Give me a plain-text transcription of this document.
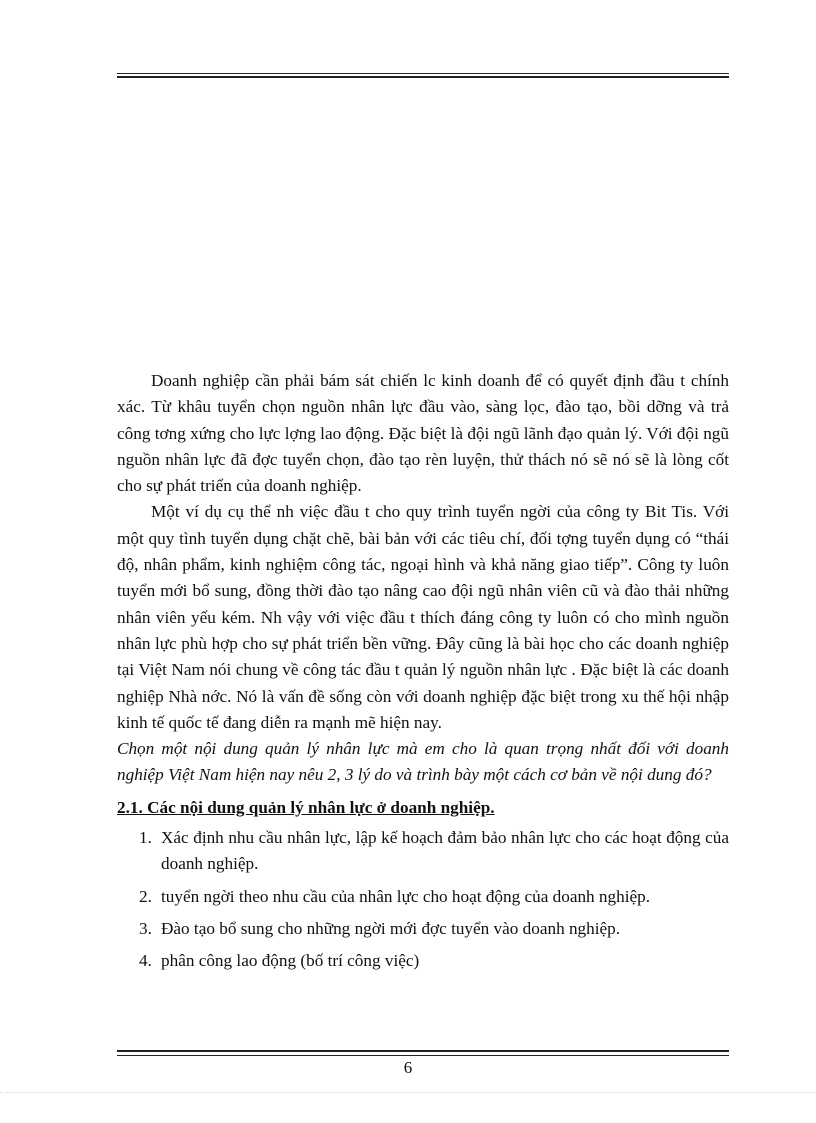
Doanh nghiệp cần phải bám sát chiến lc kinh doanh để có quyết định đầu t chính xác. Từ khâu tuyển chọn nguồn nhân lực đầu vào, sàng lọc, đào tạo, bồi dỡng và trả công tơng xứng cho lực lợng lao động. Đặc biệt là đội ngũ lãnh đạo quản lý. Với đội ngũ nguồn nhân lực đã đợc tuyển chọn, đào tạo rèn luyện, thử thách nó sẽ nó sẽ là lòng cốt cho sự phát triển của doanh nghiệp.

Một ví dụ cụ thể nh việc đầu t cho quy trình tuyển ngời của công ty Bit Tis. Với một quy tình tuyển dụng chặt chẽ, bài bản với các tiêu chí, đối tợng tuyển dụng có “thái độ, nhân phẩm, kinh nghiệm công tác, ngoại hình và khả năng giao tiếp”. Công ty luôn tuyển mới bổ sung, đồng thời đào tạo nâng cao đội ngũ nhân viên cũ và đào thải những nhân viên yếu kém. Nh vậy với việc đầu t thích đáng công ty luôn có cho mình nguồn nhân lực phù hợp cho sự phát triển bền vững. Đây cũng là bài học cho các doanh nghiệp tại Việt Nam nói chung về công tác đầu t quản lý nguồn nhân lực . Đặc biệt là các doanh nghiệp Nhà nớc. Nó là vấn đề sống còn với doanh nghiệp đặc biệt trong xu thế hội nhập kinh tế quốc tế đang diễn ra mạnh mẽ hiện nay.

Chọn một nội dung quản lý nhân lực mà em cho là quan trọng nhất đối với doanh nghiệp Việt Nam hiện nay nêu 2, 3 lý do và trình bày một cách cơ bản về nội dung đó?

2.1. Các nội dung quản lý nhân lực ở doanh nghiệp.

1. Xác định nhu cầu nhân lực, lập kế hoạch đảm bảo nhân lực cho các hoạt động của doanh nghiệp.
2. tuyển ngời theo nhu cầu của nhân lực cho hoạt động của doanh nghiệp.
3. Đào tạo bổ sung cho những ngời mới đợc tuyển vào doanh nghiệp.
4. phân công lao động (bố trí công việc)
6
